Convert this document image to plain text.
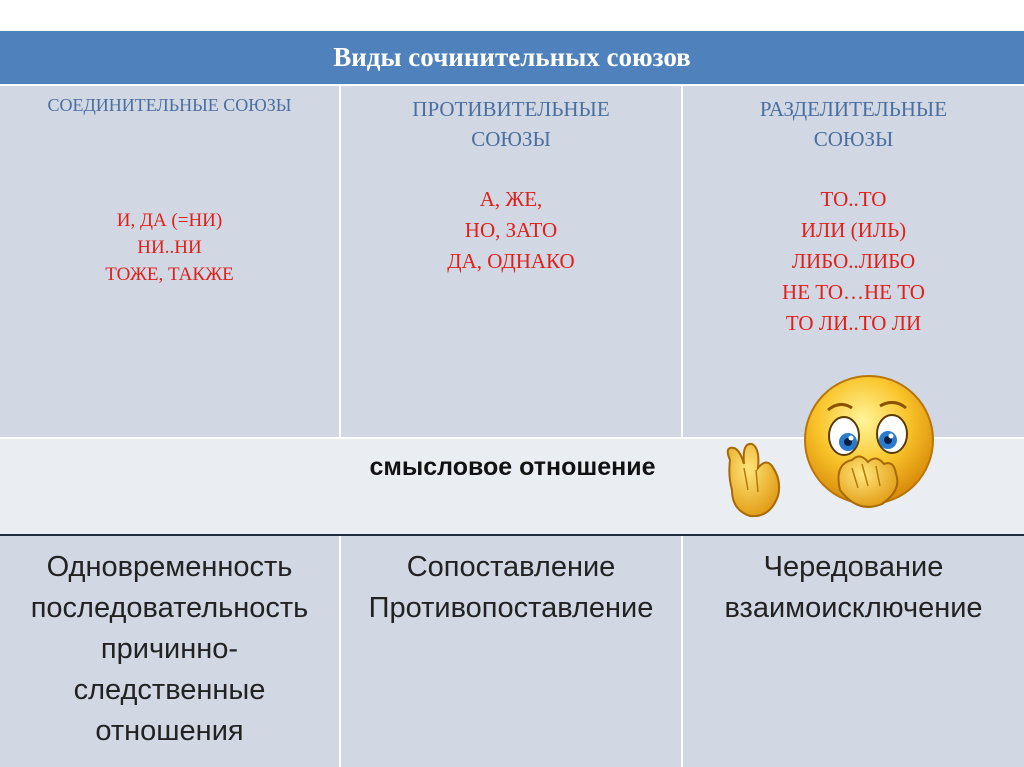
Виды сочинительных союзов
СОЕДИНИТЕЛЬНЫЕ СОЮЗЫ
И, ДА (=НИ)
НИ..НИ
ТОЖЕ, ТАКЖЕ
ПРОТИВИТЕЛЬНЫЕ
СОЮЗЫ
А, ЖЕ,
НО, ЗАТО
ДА, ОДНАКО
РАЗДЕЛИТЕЛЬНЫЕ
СОЮЗЫ
ТО..ТО
ИЛИ (ИЛЬ)
ЛИБО..ЛИБО
НЕ ТО…НЕ ТО
ТО ЛИ..ТО ЛИ
смысловое отношение
Одновременность
последовательность
причинно-
следственные
отношения
Сопоставление
Противопоставление
Чередование
взаимоисключение
